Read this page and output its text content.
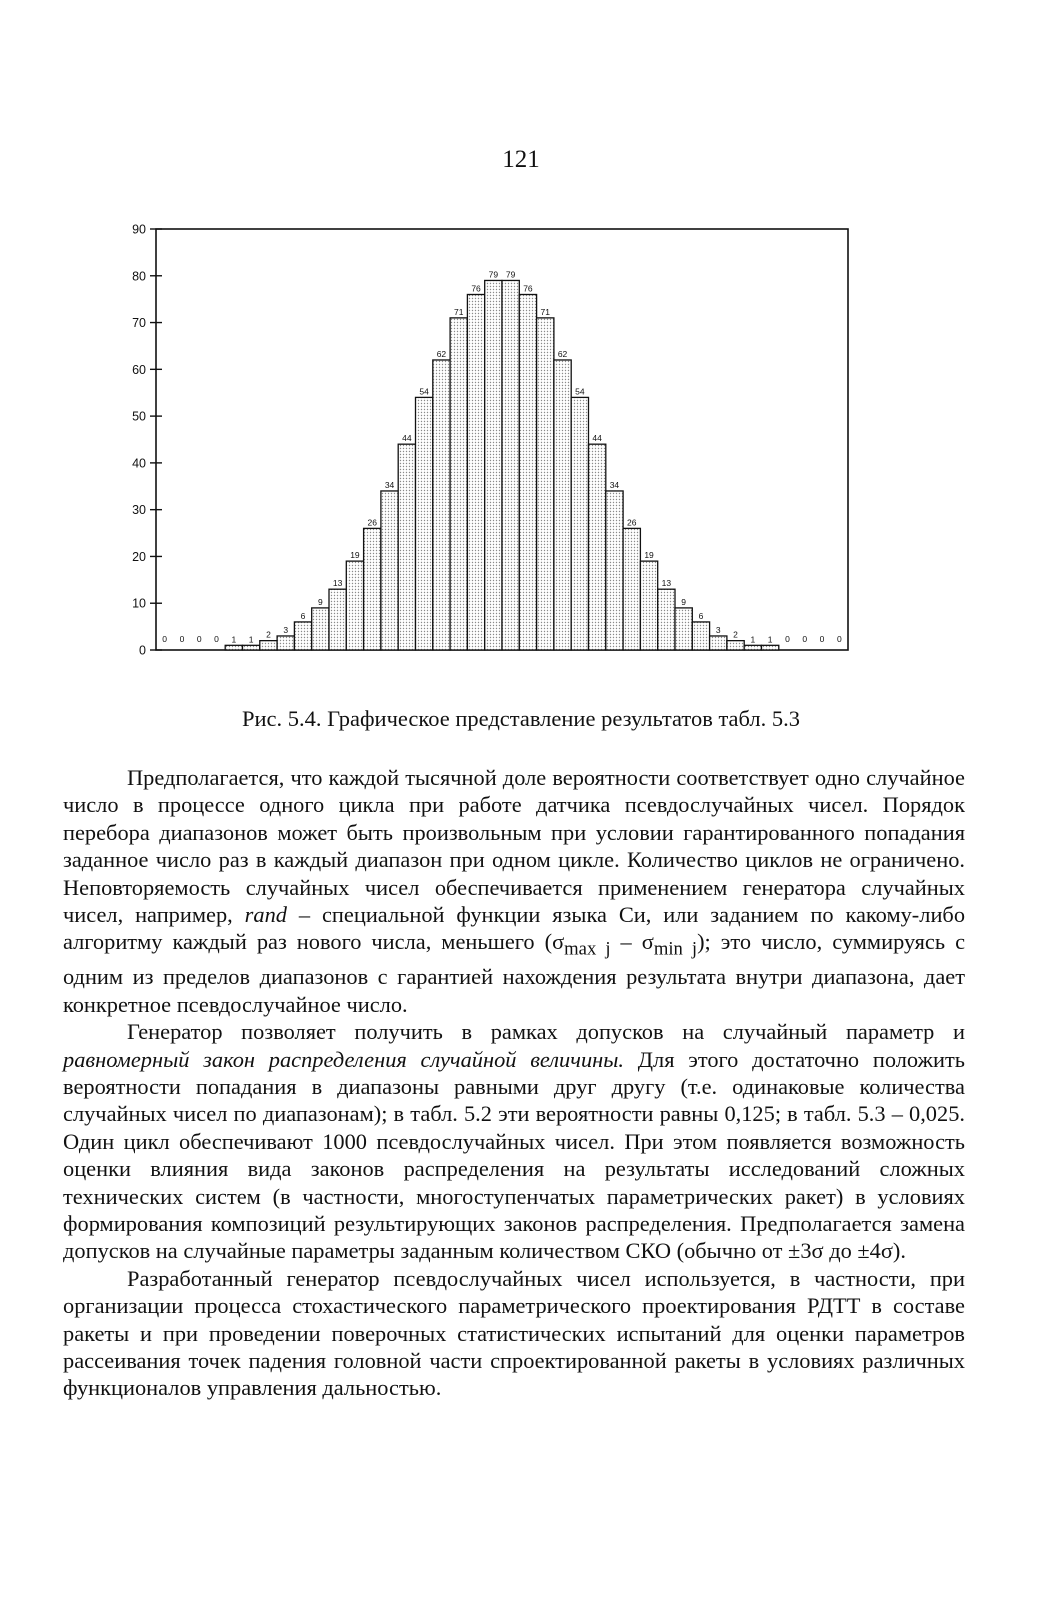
121
0
10
20
30
40
50
60
70
80
90
0 0 0 0 1 1 2 3
6
9
13
19
26
34
44
54
62
71
76
79 79
76
71
62
54
44
34
26
19
13
9
6
3 2 1 1 0 0 0 0
Рис. 5.4. Графическое представление результатов табл. 5.3

Предполагается, что каждой тысячной доле вероятности соответствует одно случайное число в процессе одного цикла при работе датчика псевдослучайных чисел. Порядок перебора диапазонов может быть произвольным при условии гарантированного попадания заданное число раз в каждый диапазон при одном цикле. Количество циклов не ограничено. Неповторяемость случайных чисел обеспечивается применением генератора случайных чисел, например, rand – специальной функции языка Си, или заданием по какому-либо алгоритму каждый раз нового числа, меньшего $(\sigma_{max j} - \sigma_{min j})$; это число, суммируясь с одним из пределов диапазонов с гарантией нахождения результата внутри диапазона, дает конкретное псевдослучайное число.

Генератор позволяет получить в рамках допусков на случайный параметр и равномерный закон распределения случайной величины. Для этого достаточно положить вероятности попадания в диапазоны равными друг другу (т.е. одинаковые количества случайных чисел по диапазонам); в табл. 5.2 эти вероятности равны 0,125; в табл. 5.3 – 0,025. Один цикл обеспечивают 1000 псевдослучайных чисел. При этом появляется возможность оценки влияния вида законов распределения на результаты исследований сложных технических систем (в частности, многоступенчатых параметрических ракет) в условиях формирования композиций результирующих законов распределения. Предполагается замена допусков на случайные параметры заданным количеством СКО (обычно от ±3σ до ±4σ).

Разработанный генератор псевдослучайных чисел используется, в частности, при организации процесса стохастического параметрического проектирования РДТТ в составе ракеты и при проведении поверочных статистических испытаний для оценки параметров рассеивания точек падения головной части спроектированной ракеты в условиях различных функционалов управления дальностью.
